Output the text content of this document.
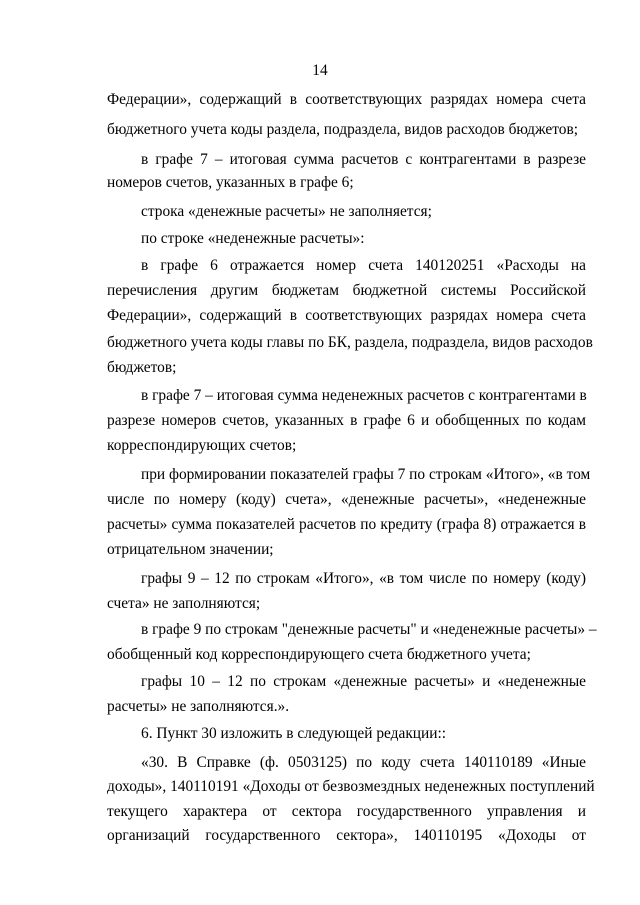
14
Федерации», содержащий в соответствующих разрядах номера счета
бюджетного учета коды раздела, подраздела, видов расходов бюджетов;
в графе 7 – итоговая сумма расчетов с контрагентами в разрезе
номеров счетов, указанных в графе 6;
строка «денежные расчеты» не заполняется;
по строке «неденежные расчеты»:
в графе 6 отражается номер счета 140120251 «Расходы на
перечисления другим бюджетам бюджетной системы Российской
Федерации», содержащий в соответствующих разрядах номера счета
бюджетного учета коды главы по БК, раздела, подраздела, видов расходов
бюджетов;
в графе 7 – итоговая сумма неденежных расчетов с контрагентами в
разрезе номеров счетов, указанных в графе 6 и обобщенных по кодам
корреспондирующих счетов;
при формировании показателей графы 7 по строкам «Итого», «в том
числе по номеру (коду) счета», «денежные расчеты», «неденежные
расчеты» сумма показателей расчетов по кредиту (графа 8) отражается в
отрицательном значении;
графы 9 – 12 по строкам «Итого», «в том числе по номеру (коду)
счета» не заполняются;
в графе 9 по строкам "денежные расчеты" и «неденежные расчеты» –
обобщенный код корреспондирующего счета бюджетного учета;
графы 10 – 12 по строкам «денежные расчеты» и «неденежные
расчеты» не заполняются.».
6. Пункт 30 изложить в следующей редакции::
«30. В Справке (ф. 0503125) по коду счета 140110189 «Иные
доходы», 140110191 «Доходы от безвозмездных неденежных поступлений
текущего характера от сектора государственного управления и
организаций государственного сектора», 140110195 «Доходы от
